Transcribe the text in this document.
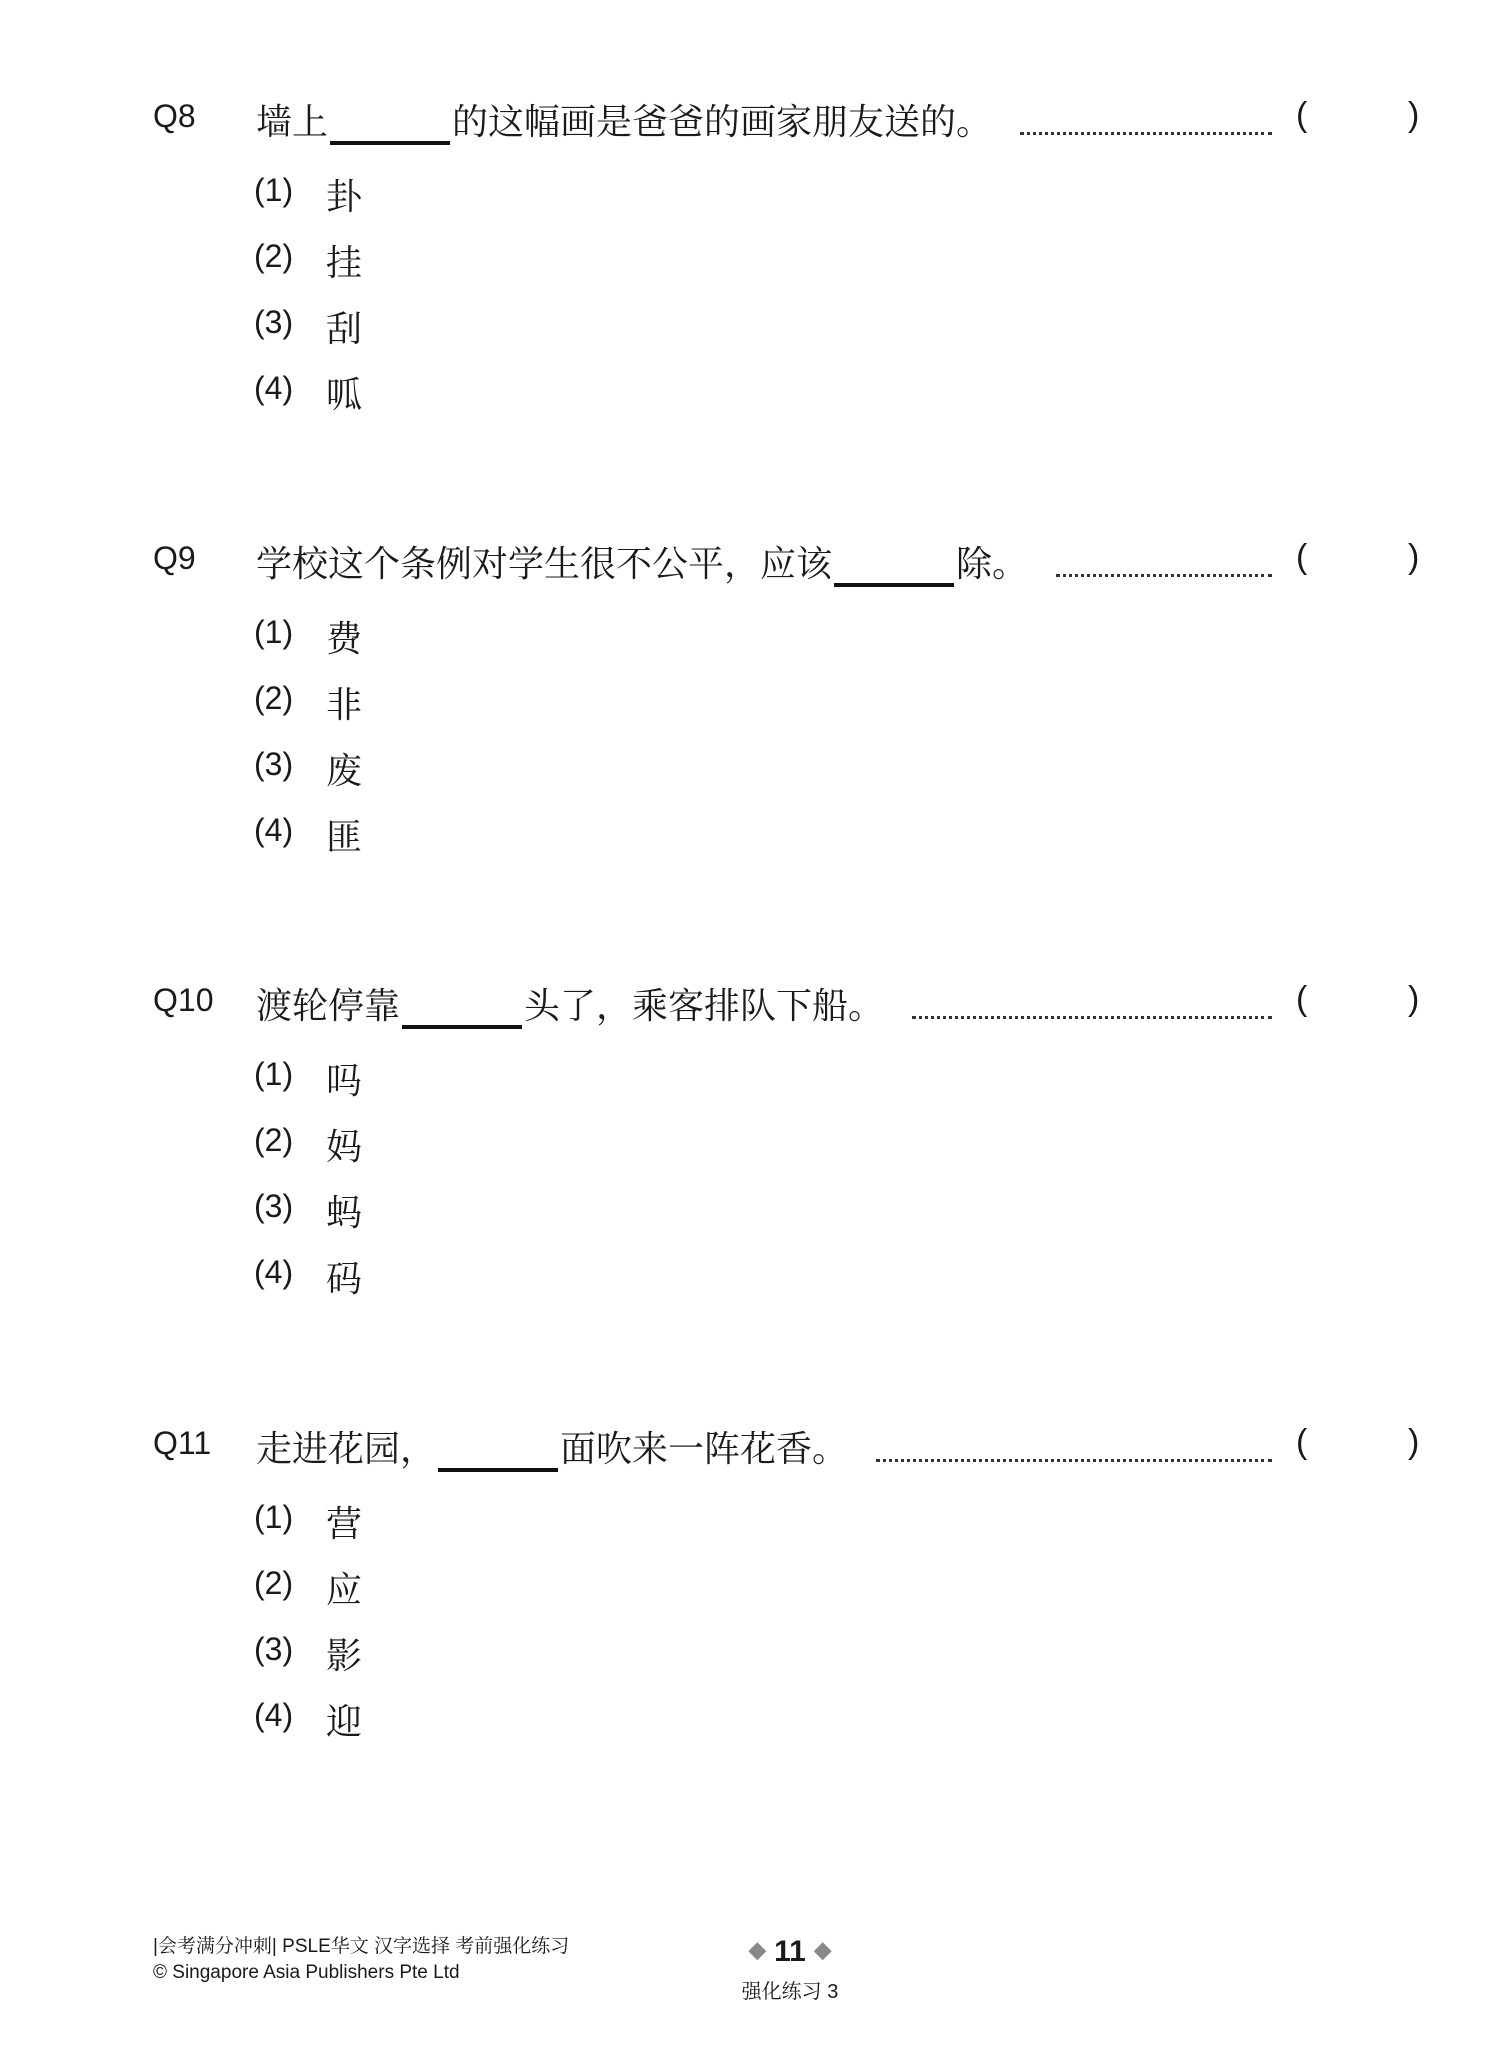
Q8 墙上	的这幅画是爸爸的画家朋友送的。	(	)
(1) 卦
(2) 挂
(3) 刮
(4) 呱
Q9 学校这个条例对学生很不公平，应该	除。	(	)
(1) 费
(2) 非
(3) 废
(4) 匪
Q10 渡轮停靠	头了，乘客排队下船。	(	)
(1) 吗
(2) 妈
(3) 蚂
(4) 码
Q11 走进花园，	面吹来一阵花香。	(	)
(1) 营
(2) 应
(3) 影
(4) 迎
|会考满分冲刺| PSLE华文 汉字选择 考前强化练习
© Singapore Asia Publishers Pte Ltd
◆ 11 ◆
强化练习 3
